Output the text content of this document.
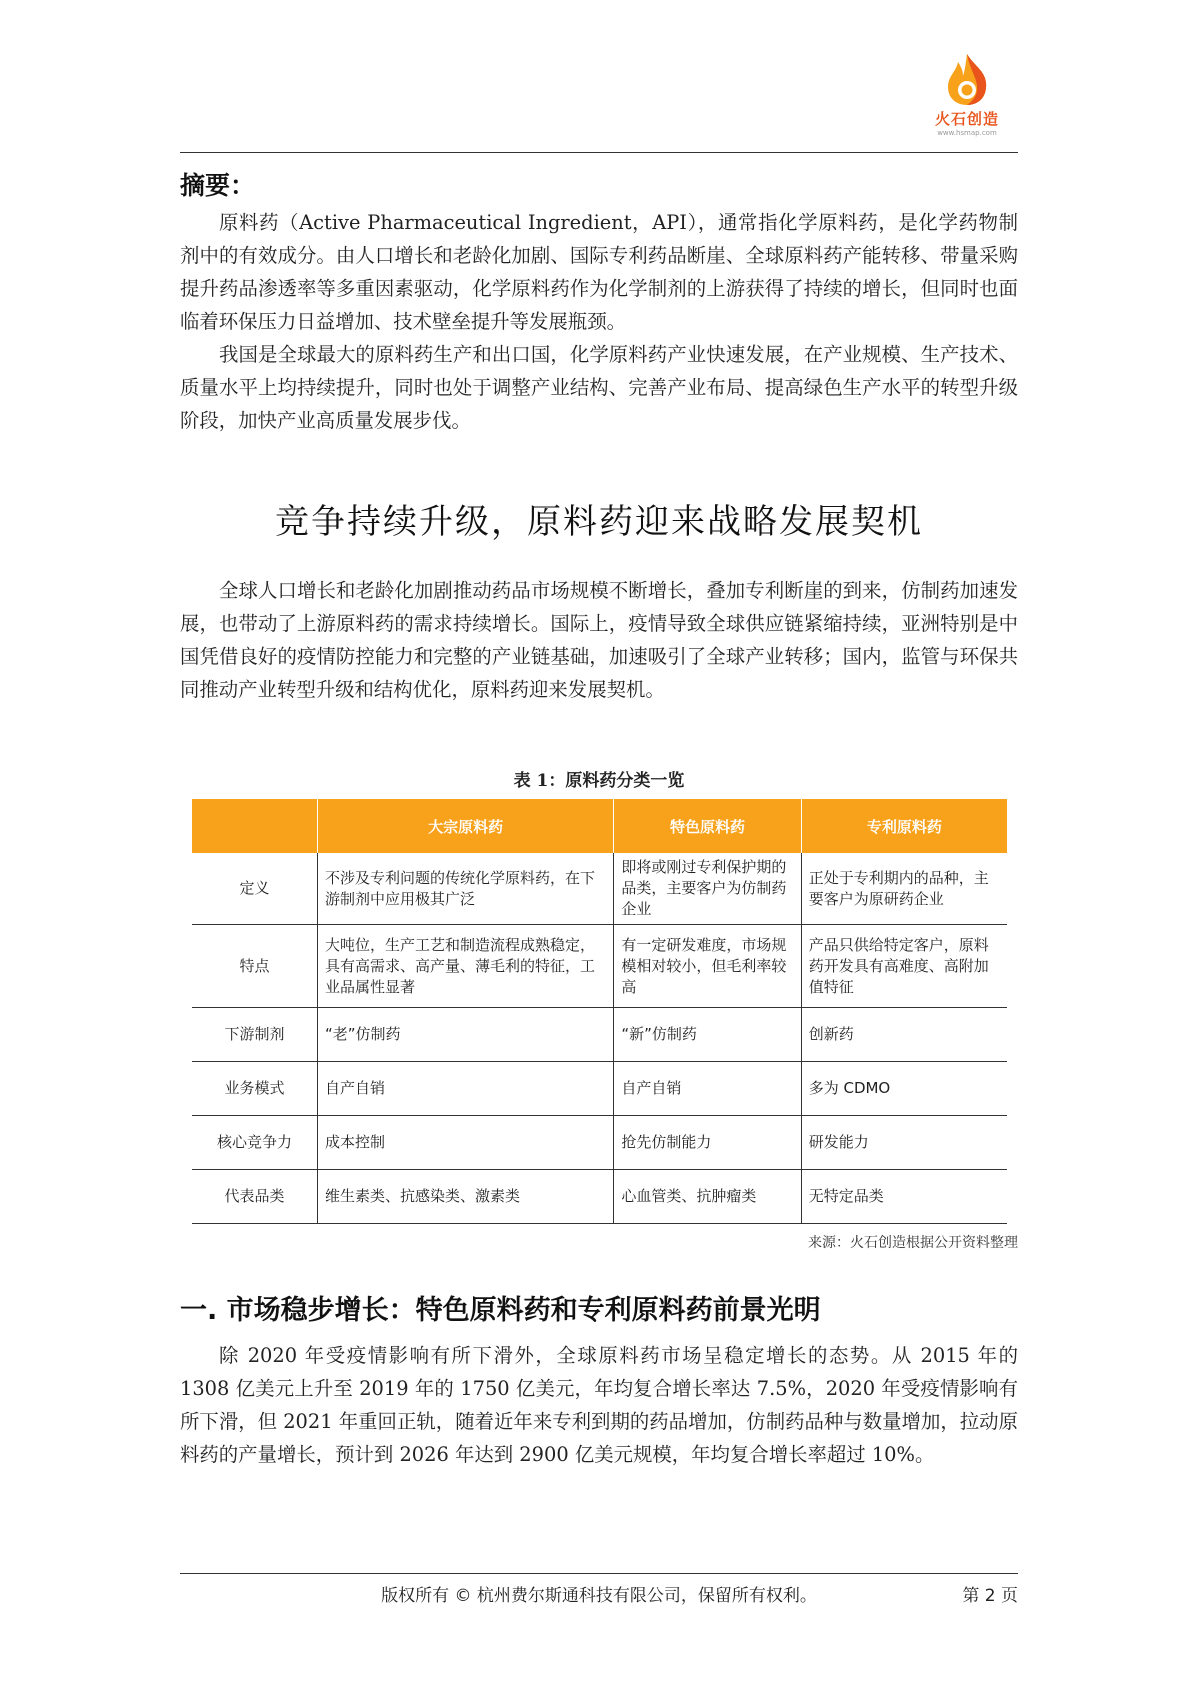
火石创造
www.hsmap.com
摘要：

原料药（Active Pharmaceutical Ingredient，API），通常指化学原料药，是化学药物制剂中的有效成分。由人口增长和老龄化加剧、国际专利药品断崖、全球原料药产能转移、带量采购提升药品渗透率等多重因素驱动，化学原料药作为化学制剂的上游获得了持续的增长，但同时也面临着环保压力日益增加、技术壁垒提升等发展瓶颈。

我国是全球最大的原料药生产和出口国，化学原料药产业快速发展，在产业规模、生产技术、质量水平上均持续提升，同时也处于调整产业结构、完善产业布局、提高绿色生产水平的转型升级阶段，加快产业高质量发展步伐。

竞争持续升级，原料药迎来战略发展契机

全球人口增长和老龄化加剧推动药品市场规模不断增长，叠加专利断崖的到来，仿制药加速发展，也带动了上游原料药的需求持续增长。国际上，疫情导致全球供应链紧缩持续，亚洲特别是中国凭借良好的疫情防控能力和完整的产业链基础，加速吸引了全球产业转移；国内，监管与环保共同推动产业转型升级和结构优化，原料药迎来发展契机。

表 1：原料药分类一览
	大宗原料药	特色原料药	专利原料药
定义	不涉及专利问题的传统化学原料药，在下游制剂中应用极其广泛	即将或刚过专利保护期的品类，主要客户为仿制药企业	正处于专利期内的品种，主要客户为原研药企业
特点	大吨位，生产工艺和制造流程成熟稳定，具有高需求、高产量、薄毛利的特征，工业品属性显著	有一定研发难度，市场规模相对较小，但毛利率较高	产品只供给特定客户，原料药开发具有高难度、高附加值特征
下游制剂	“老”仿制药	“新”仿制药	创新药
业务模式	自产自销	自产自销	多为 CDMO
核心竞争力	成本控制	抢先仿制能力	研发能力
代表品类	维生素类、抗感染类、激素类	心血管类、抗肿瘤类	无特定品类
来源：火石创造根据公开资料整理
一. 市场稳步增长：特色原料药和专利原料药前景光明

除 2020 年受疫情影响有所下滑外，全球原料药市场呈稳定增长的态势。从 2015 年的 1308 亿美元上升至 2019 年的 1750 亿美元，年均复合增长率达 7.5%，2020 年受疫情影响有所下滑，但 2021 年重回正轨，随着近年来专利到期的药品增加，仿制药品种与数量增加，拉动原料药的产量增长，预计到 2026 年达到 2900 亿美元规模，年均复合增长率超过 10%。

版权所有 © 杭州费尔斯通科技有限公司，保留所有权利。	第 2 页
